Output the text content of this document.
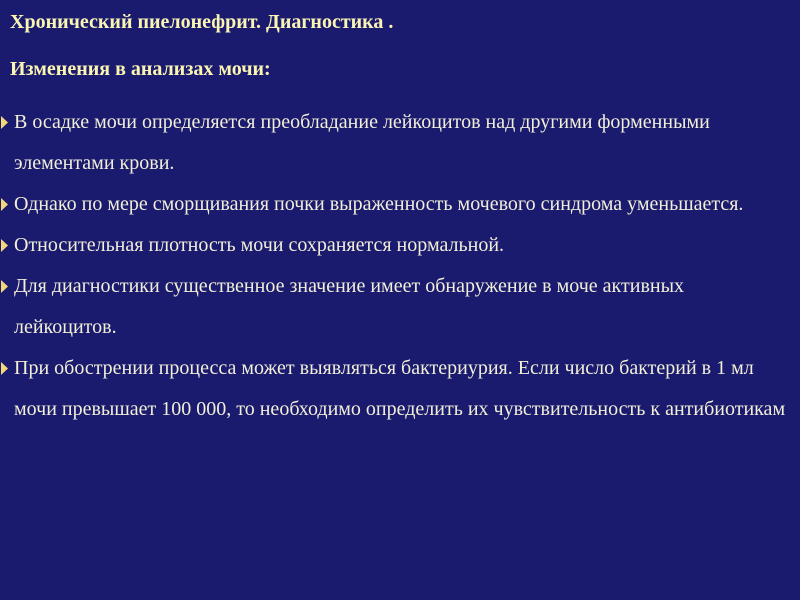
Хронический пиелонефрит. Диагностика .
Изменения в анализах мочи:
В осадке мочи определяется преобладание лейкоцитов над другими форменными элементами крови.
Однако по мере сморщивания почки выраженность мочевого синдрома уменьшается.
Относительная плотность мочи сохраняется нормальной.
Для диагностики существенное значение имеет обнаружение в моче активных лейкоцитов.
При обострении процесса может выявляться бактериурия. Если число бактерий в 1 мл мочи превышает 100 000, то необходимо определить их чувствительность к антибиотикам
